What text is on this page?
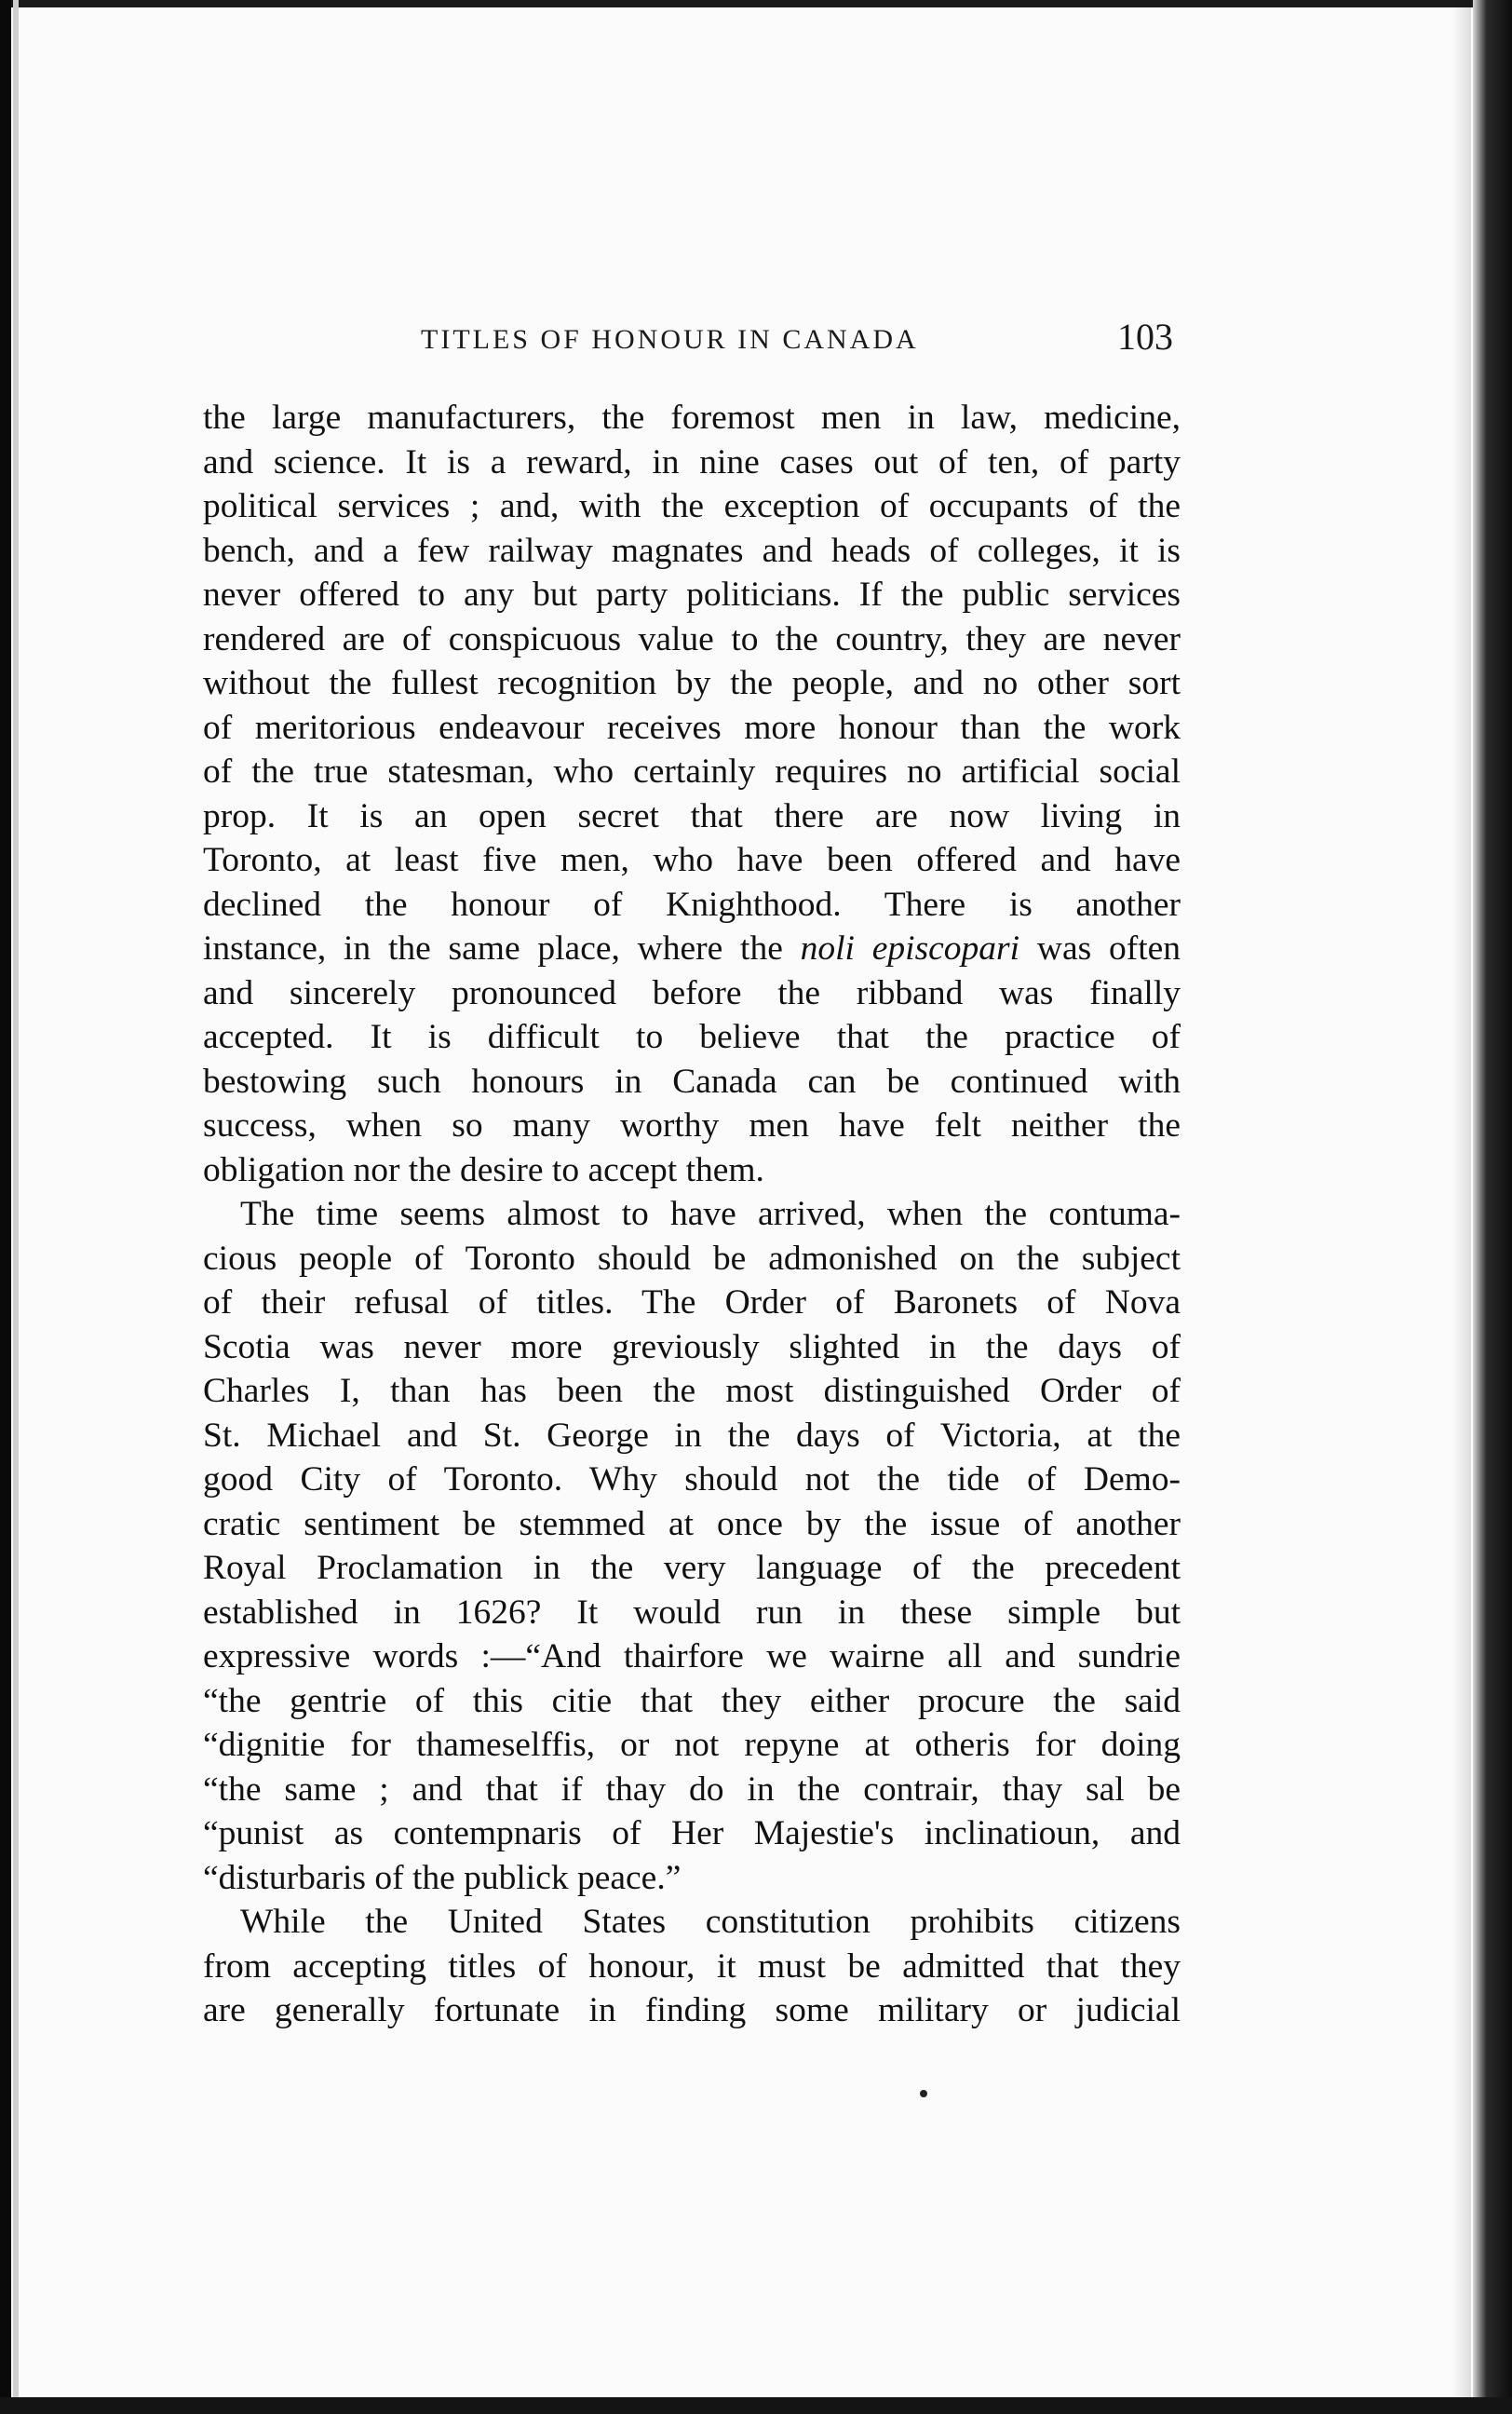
TITLES OF HONOUR IN CANADA	103
the large manufacturers, the foremost men in law, medicine,
and science. It is a reward, in nine cases out of ten, of party
political services ; and, with the exception of occupants of the
bench, and a few railway magnates and heads of colleges, it is
never offered to any but party politicians. If the public services
rendered are of conspicuous value to the country, they are never
without the fullest recognition by the people, and no other sort
of meritorious endeavour receives more honour than the work
of the true statesman, who certainly requires no artificial social
prop. It is an open secret that there are now living in
Toronto, at least five men, who have been offered and have
declined the honour of Knighthood. There is another
instance, in the same place, where the noli episcopari was often
and sincerely pronounced before the ribband was finally
accepted. It is difficult to believe that the practice of
bestowing such honours in Canada can be continued with
success, when so many worthy men have felt neither the
obligation nor the desire to accept them.
The time seems almost to have arrived, when the contuma-
cious people of Toronto should be admonished on the subject
of their refusal of titles. The Order of Baronets of Nova
Scotia was never more greviously slighted in the days of
Charles I, than has been the most distinguished Order of
St. Michael and St. George in the days of Victoria, at the
good City of Toronto. Why should not the tide of Demo-
cratic sentiment be stemmed at once by the issue of another
Royal Proclamation in the very language of the precedent
established in 1626? It would run in these simple but
expressive words :—“And thairfore we wairne all and sundrie
“the gentrie of this citie that they either procure the said
“dignitie for thameselffis, or not repyne at otheris for doing
“the same ; and that if thay do in the contrair, thay sal be
“punist as contempnaris of Her Majestie's inclinatioun, and
“disturbaris of the publick peace.”
While the United States constitution prohibits citizens
from accepting titles of honour, it must be admitted that they
are generally fortunate in finding some military or judicial
